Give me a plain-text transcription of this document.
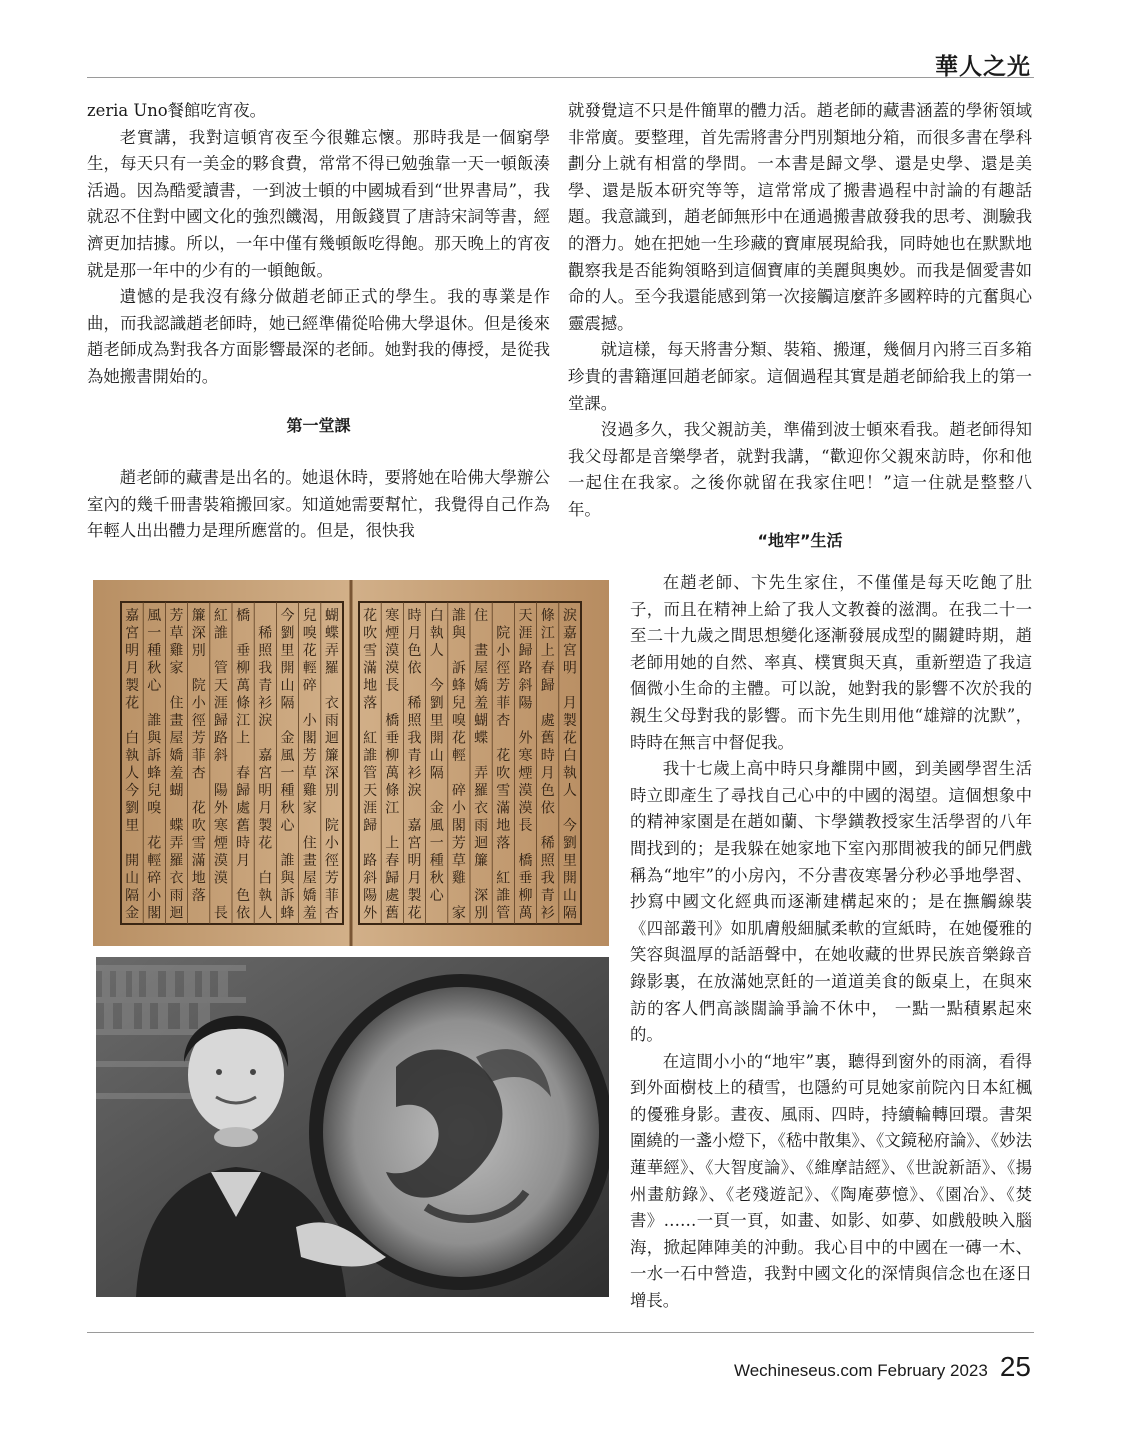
華人之光

zeria Uno餐館吃宵夜。

老實講，我對這頓宵夜至今很難忘懷。那時我是一個窮學生，每天只有一美金的夥食費，常常不得已勉強靠一天一頓飯湊活過。因為酷愛讀書，一到波士頓的中國城看到“世界書局”，我就忍不住對中國文化的強烈饑渴，用飯錢買了唐詩宋詞等書，經濟更加拮據。所以，一年中僅有幾頓飯吃得飽。那天晚上的宵夜就是那一年中的少有的一頓飽飯。

遺憾的是我沒有緣分做趙老師正式的學生。我的專業是作曲，而我認識趙老師時，她已經準備從哈佛大學退休。但是後來趙老師成為對我各方面影響最深的老師。她對我的傳授，是從我為她搬書開始的。

第一堂課

趙老師的藏書是出名的。她退休時，要將她在哈佛大學辦公室內的幾千冊書裝箱搬回家。知道她需要幫忙，我覺得自己作為年輕人出出體力是理所應當的。但是，很快我

就發覺這不只是件簡單的體力活。趙老師的藏書涵蓋的學術領域非常廣。要整理，首先需將書分門別類地分箱，而很多書在學科劃分上就有相當的學問。一本書是歸文學、還是史學、還是美學、還是版本研究等等，這常常成了搬書過程中討論的有趣話題。我意識到，趙老師無形中在通過搬書啟發我的思考、測驗我的潛力。她在把她一生珍藏的寶庫展現給我，同時她也在默默地觀察我是否能夠領略到這個寶庫的美麗與奧妙。而我是個愛書如命的人。至今我還能感到第一次接觸這麼許多國粹時的亢奮與心靈震撼。

就這樣，每天將書分類、裝箱、搬運，幾個月內將三百多箱珍貴的書籍運回趙老師家。這個過程其實是趙老師給我上的第一堂課。

沒過多久，我父親訪美，準備到波士頓來看我。趙老師得知我父母都是音樂學者，就對我講，“歡迎你父親來訪時，你和他一起住在我家。之後你就留在我家住吧！”這一住就是整整八年。

“地牢”生活

在趙老師、卞先生家住，不僅僅是每天吃飽了肚子，而且在精神上給了我人文教養的滋潤。在我二十一至二十九歲之間思想變化逐漸發展成型的關鍵時期，趙老師用她的自然、率真、樸實與天真，重新塑造了我這個微小生命的主體。可以說，她對我的影響不次於我的親生父母對我的影響。而卞先生則用他“雄辯的沈默”，時時在無言中督促我。

我十七歲上高中時只身離開中國，到美國學習生活時立即產生了尋找自己心中的中國的渴望。這個想象中的精神家園是在趙如蘭、卞學鐄教授家生活學習的八年間找到的；是我躲在她家地下室內那間被我的師兄們戲稱為“地牢”的小房內，不分書夜寒暑分秒必爭地學習、抄寫中國文化經典而逐漸建構起來的；是在撫觸線裝《四部叢刊》如肌膚般細膩柔軟的宣紙時，在她優雅的笑容與溫厚的話語聲中，在她收藏的世界民族音樂錄音錄影裏，在放滿她烹飪的一道道美食的飯桌上，在與來訪的客人們高談闊論爭論不休中， 一點一點積累起來的。

在這間小小的“地牢”裏，聽得到窗外的雨滴，看得到外面樹枝上的積雪，也隱約可見她家前院內日本紅楓的優雅身影。晝夜、風雨、四時，持續輪轉回環。書架圍繞的一盞小燈下，《嵇中散集》、《文鏡秘府論》、《妙法蓮華經》、《大智度論》、《維摩詰經》、《世說新語》、《揚州畫舫錄》、《老殘遊記》、《陶庵夢憶》、《園冶》、《焚書》……一頁一頁，如畫、如影、如夢、如戲般映入腦海，掀起陣陣美的沖動。我心目中的中國在一磚一木、一水一石中營造，我對中國文化的深情與信念也在逐日增長。

嘉
宮
明
月
製
花
白
執
人
今
劉
里
開
山
隔
金
風
一
種
秋
心
誰
與
訴
蜂
兒
嗅
花
輕
碎
小
閣
芳
草
雞
家
住
畫
屋
嬌
羞
蝴
蝶
弄
羅
衣
雨
迴
簾
深
別
院
小
徑
芳
菲
杏
花
吹
雪
滿
地
落
紅
誰
管
天
涯
歸
路
斜
陽
外
寒
煙
漠
漠
長
橋
垂
柳
萬
條
江
上
春
歸
處
舊
時
月
色
依
稀
照
我
青
衫
淚
嘉
宮
明
月
製
花
白
執
人
今
劉
里
開
山
隔
金
風
一
種
秋
心
誰
與
訴
蜂
兒
嗅
花
輕
碎
小
閣
芳
草
雞
家
住
畫
屋
嬌
羞
蝴
蝶
弄
羅
衣
雨
迴
簾
深
別
院
小
徑
芳
菲
杏
花
吹
雪
滿
地
落
紅
誰
管
天
涯
歸
路
斜
陽
外
寒
煙
漠
漠
長
橋
垂
柳
萬
條
江
上
春
歸
處
舊
時
月
色
依
稀
照
我
青
衫
淚
嘉
宮
明
月
製
花
白
執
人
今
劉
里
開
山
隔
金
風
一
種
秋
心
誰
與
訴
蜂
兒
嗅
花
輕
碎
小
閣
芳
草
雞
家
住
畫
屋
嬌
羞
蝴
蝶
弄
羅
衣
雨
迴
簾
深
別
院
小
徑
芳
菲
杏
花
吹
雪
滿
地
落
紅
誰
管
天
涯
歸
路
斜
陽
外
寒
煙
漠
漠
長
橋
垂
柳
萬
條
江
上
春
歸
處
舊
時
月
色
依
稀
照
我
青
衫
淚
嘉
宮
明
月
製
花
白
執
人
今
劉
里
開
山
隔
Wechineseus.com February 2023 25
